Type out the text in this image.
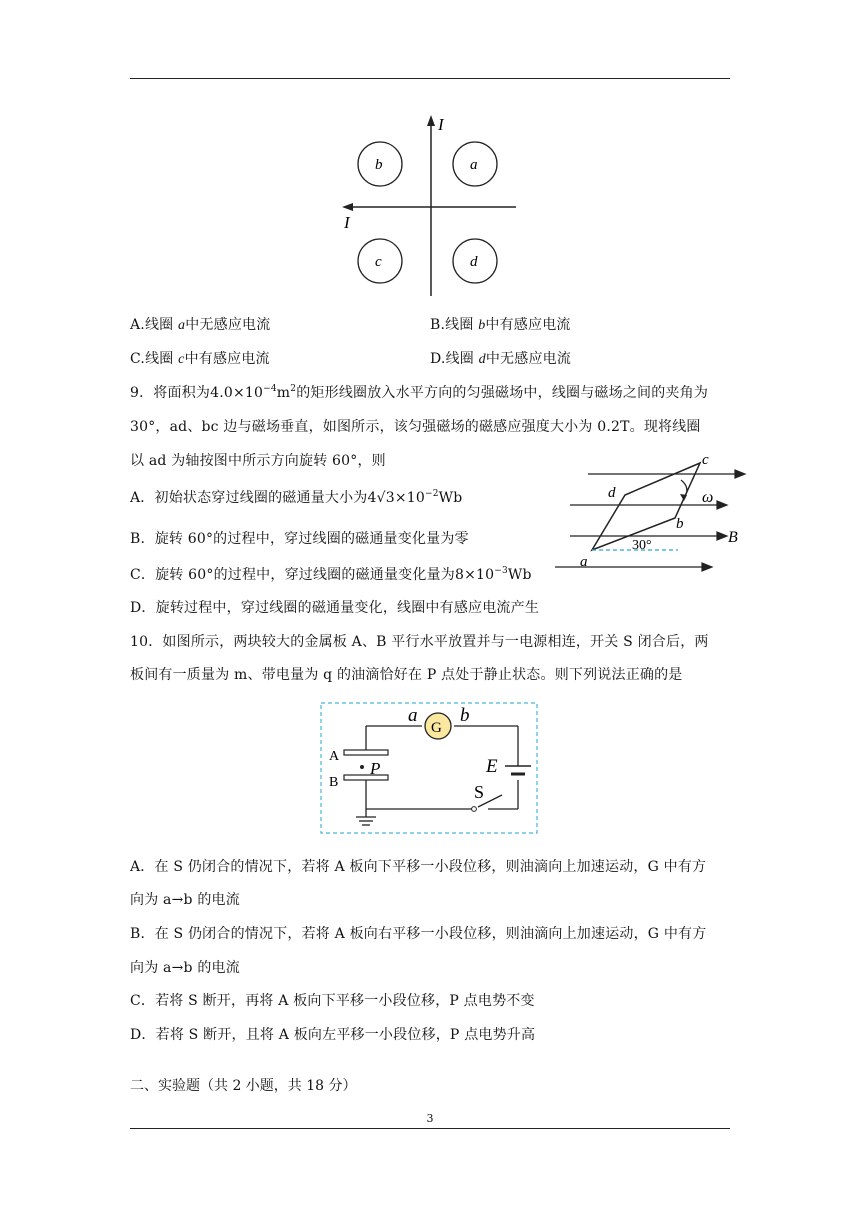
I
I
b	a
c	d
A.线圈 a中无感应电流	B.线圈 b中有感应电流
C.线圈 c中有感应电流	D.线圈 d中无感应电流
9．将面积为$4.0\times 10^{-4}m^2$的矩形线圈放入水平方向的匀强磁场中，线圈与磁场之间的夹角为
30°，ad、bc 边与磁场垂直，如图所示，该匀强磁场的磁感应强度大小为 0.2T。现将线圈
以 ad 为轴按图中所示方向旋转 60°，则
A．初始状态穿过线圈的磁通量大小为$4√3\times 10^{-2}Wb$
B．旋转 60°的过程中，穿过线圈的磁通量变化量为零
C．旋转 60°的过程中，穿过线圈的磁通量变化量为$8\times 10^{-3}Wb$
D．旋转过程中，穿过线圈的磁通量变化，线圈中有感应电流产生
c
d	ω
b
B
30°
a
10．如图所示，两块较大的金属板 A、B 平行水平放置并与一电源相连，开关 S 闭合后，两
板间有一质量为 m、带电量为 q 的油滴恰好在 P 点处于静止状态。则下列说法正确的是
a
G
b
A
B
P	E
S
A．在 S 仍闭合的情况下，若将 A 板向下平移一小段位移，则油滴向上加速运动，G 中有方
向为 a→b 的电流
B．在 S 仍闭合的情况下，若将 A 板向右平移一小段位移，则油滴向上加速运动，G 中有方
向为 a→b 的电流
C．若将 S 断开，再将 A 板向下平移一小段位移，P 点电势不变
D．若将 S 断开，且将 A 板向左平移一小段位移，P 点电势升高
二、实验题（共 2 小题，共 18 分）
3
